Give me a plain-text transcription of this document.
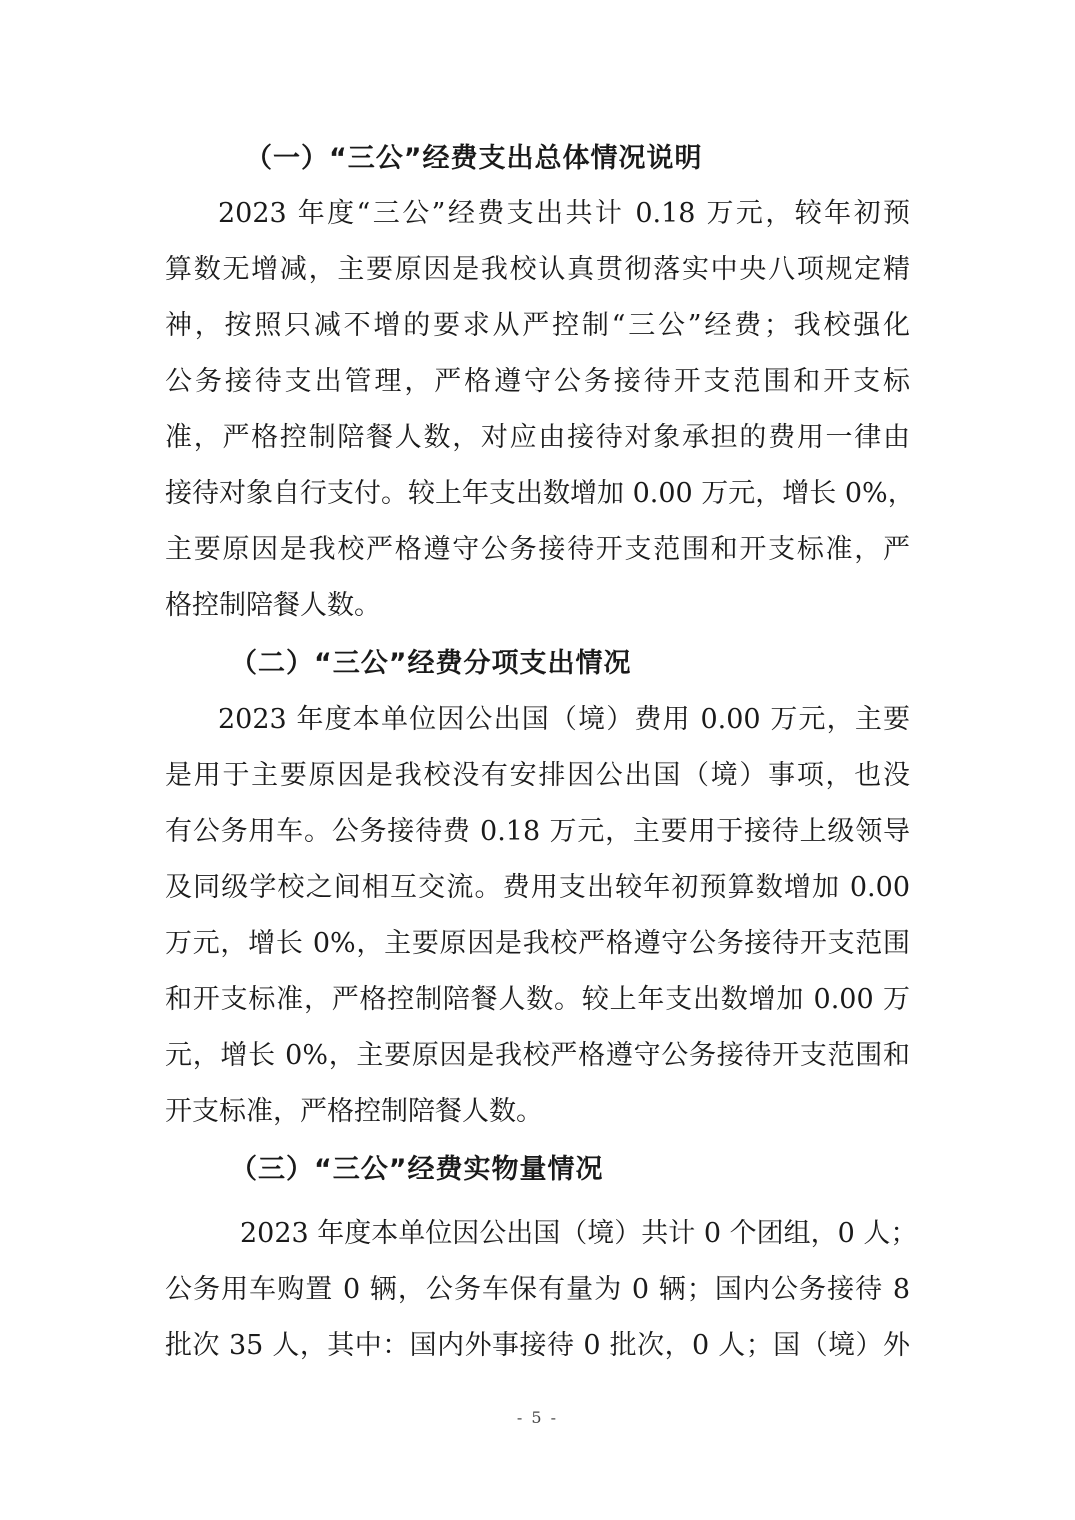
（一）“三公”经费支出总体情况说明
2023 年度“三公”经费支出共计 0.18 万元，较年初预
算数无增减，主要原因是我校认真贯彻落实中央八项规定精
神，按照只减不增的要求从严控制“三公”经费；我校强化
公务接待支出管理，严格遵守公务接待开支范围和开支标
准，严格控制陪餐人数，对应由接待对象承担的费用一律由
接待对象自行支付。较上年支出数增加 0.00 万元，增长 0%，
主要原因是我校严格遵守公务接待开支范围和开支标准，严
格控制陪餐人数。
（二）“三公”经费分项支出情况
2023 年度本单位因公出国（境）费用 0.00 万元，主要
是用于主要原因是我校没有安排因公出国（境）事项，也没
有公务用车。公务接待费 0.18 万元，主要用于接待上级领导
及同级学校之间相互交流。费用支出较年初预算数增加 0.00
万元，增长 0%，主要原因是我校严格遵守公务接待开支范围
和开支标准，严格控制陪餐人数。较上年支出数增加 0.00 万
元，增长 0%，主要原因是我校严格遵守公务接待开支范围和
开支标准，严格控制陪餐人数。
（三）“三公”经费实物量情况
2023 年度本单位因公出国（境）共计 0 个团组，0 人；
公务用车购置 0 辆，公务车保有量为 0 辆；国内公务接待 8
批次 35 人，其中：国内外事接待 0 批次，0 人；国（境）外
- 5 -
